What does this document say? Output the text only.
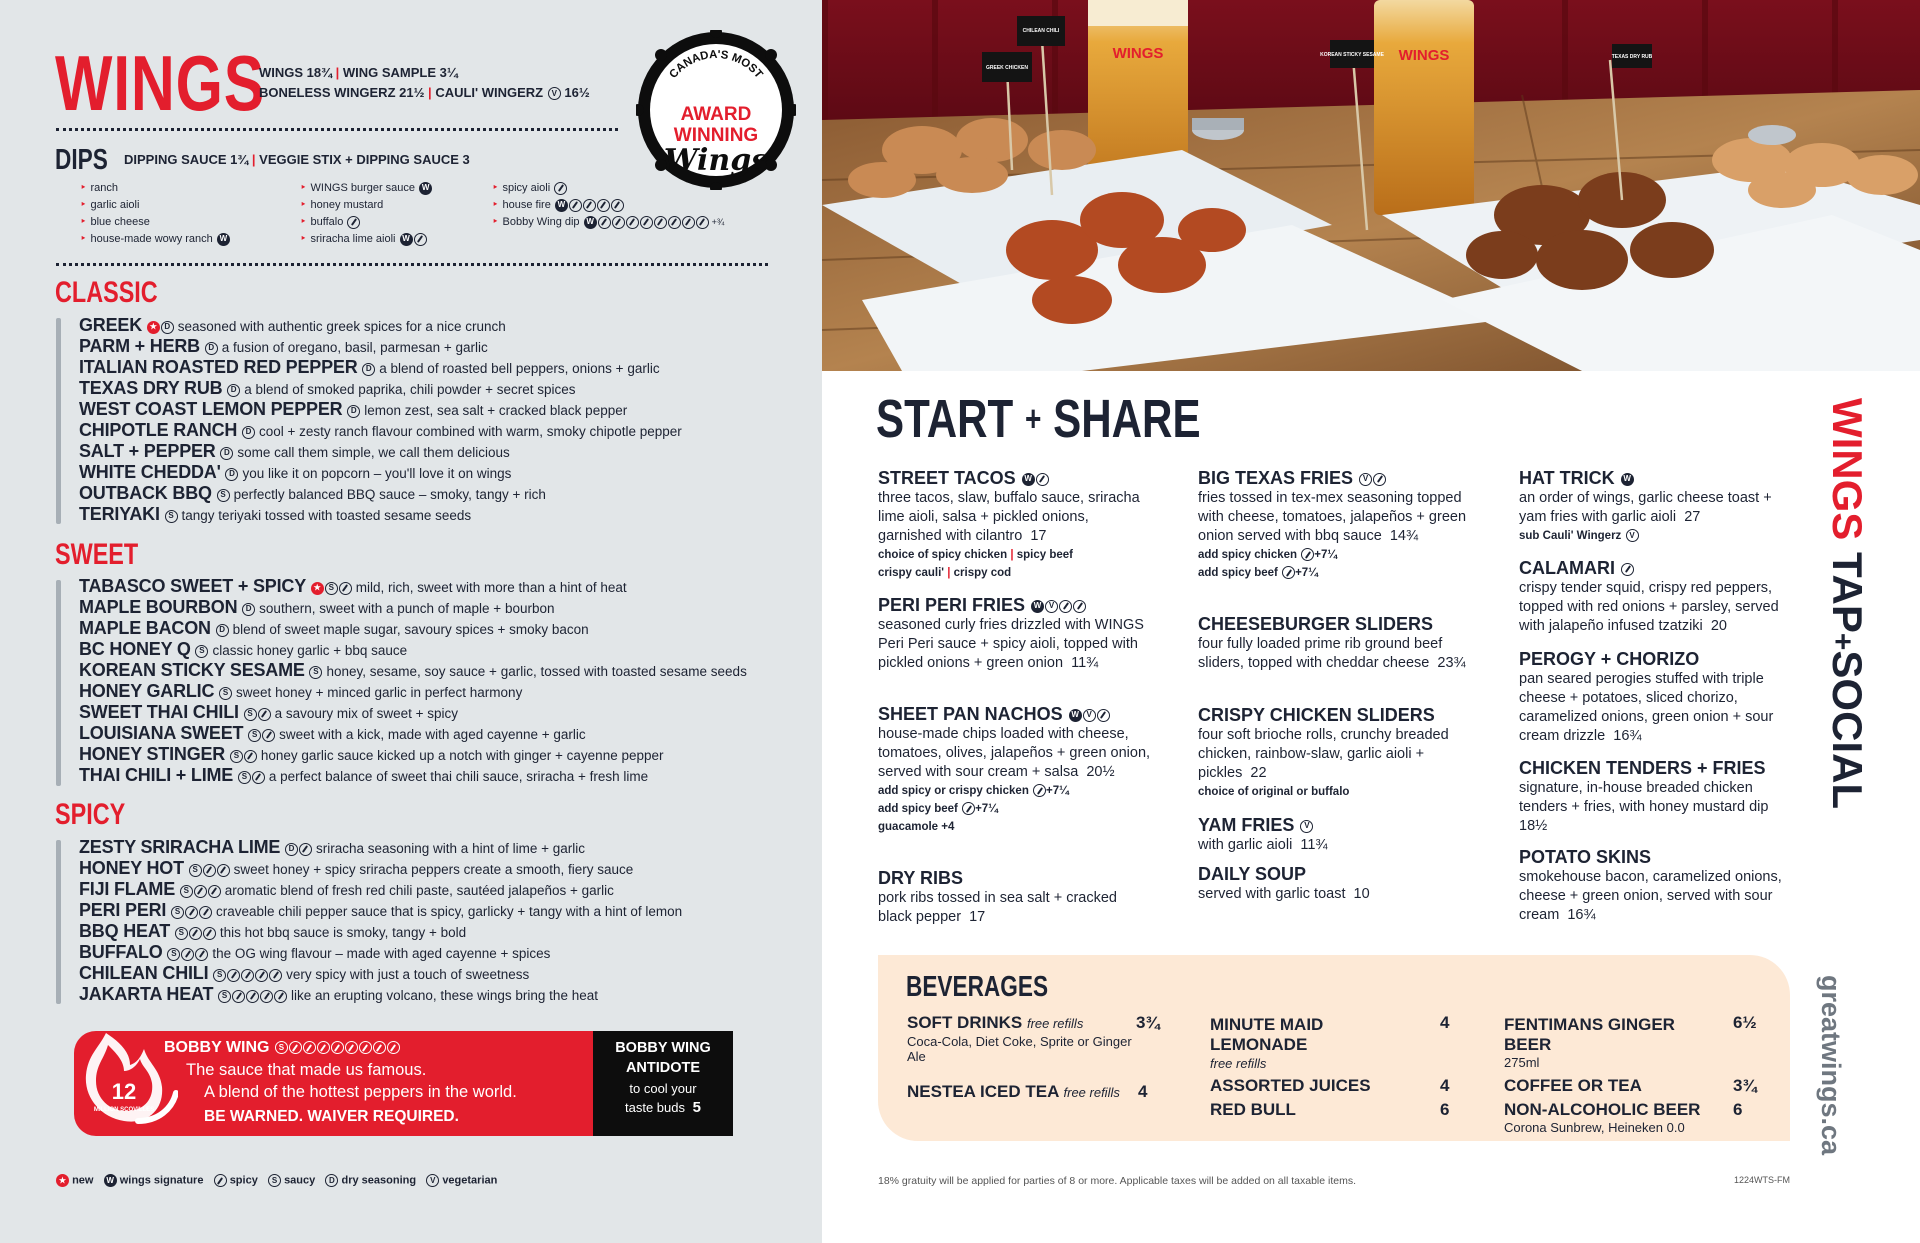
WINGS
WINGS 18¾ | WING SAMPLE 3¼
BONELESS WINGERZ 21½ | CAULI' WINGERZ V 16½
CANADA'S MOST
AWARD
WINNING
Wings
DIPS	DIPPING SAUCE 1¾ | VEGGIE STIX + DIPPING SAUCE 3
‣ ranch
‣ garlic aioli
‣ blue cheese
‣ house-made wowy ranch W
‣ WINGS burger sauce W
‣ honey mustard
‣ buffalo
‣ sriracha lime aioli W
‣ spicy aioli
‣ house fire W
‣ Bobby Wing dip W	+¾
CLASSIC
GREEK ★ D seasoned with authentic greek spices for a nice crunch
PARM + HERB D a fusion of oregano, basil, parmesan + garlic
ITALIAN ROASTED RED PEPPER D a blend of roasted bell peppers, onions + garlic
TEXAS DRY RUB D a blend of smoked paprika, chili powder + secret spices
WEST COAST LEMON PEPPER D lemon zest, sea salt + cracked black pepper
CHIPOTLE RANCH D cool + zesty ranch flavour combined with warm, smoky chipotle pepper
SALT + PEPPER D some call them simple, we call them delicious
WHITE CHEDDA' D you like it on popcorn – you'll love it on wings
OUTBACK BBQ S perfectly balanced BBQ sauce – smoky, tangy + rich
TERIYAKI S tangy teriyaki tossed with toasted sesame seeds
SWEET
TABASCO SWEET + SPICY ★ S mild, rich, sweet with more than a hint of heat
MAPLE BOURBON D southern, sweet with a punch of maple + bourbon
MAPLE BACON D blend of sweet maple sugar, savoury spices + smoky bacon
BC HONEY Q S classic honey garlic + bbq sauce
KOREAN STICKY SESAME S honey, sesame, soy sauce + garlic, tossed with toasted sesame seeds
HONEY GARLIC S sweet honey + minced garlic in perfect harmony
SWEET THAI CHILI S a savoury mix of sweet + spicy
LOUISIANA SWEET S sweet with a kick, made with aged cayenne + garlic
HONEY STINGER S honey garlic sauce kicked up a notch with ginger + cayenne pepper
THAI CHILI + LIME S a perfect balance of sweet thai chili sauce, sriracha + fresh lime
SPICY
ZESTY SRIRACHA LIME D sriracha seasoning with a hint of lime + garlic
HONEY HOT S	sweet honey + spicy sriracha peppers create a smooth, fiery sauce
FIJI FLAME S	aromatic blend of fresh red chili paste, sautéed jalapeños + garlic
PERI PERI S	craveable chili pepper sauce that is spicy, garlicky + tangy with a hint of lemon
BBQ HEAT S	this hot bbq sauce is smoky, tangy + bold
BUFFALO S	the OG wing flavour – made with aged cayenne + spices
CHILEAN CHILI S	very spicy with just a touch of sweetness
JAKARTA HEAT S	like an erupting volcano, these wings bring the heat
12
MILLION SCOVILLES
BOBBY WING S
The sauce that made us famous.
A blend of the hottest peppers in the world.
BE WARNED. WAIVER REQUIRED.
BOBBY WING
ANTIDOTE
to cool your
taste buds 5
★ new W wings signature spicy S saucy D dry seasoning V vegetarian
WINGS	WINGS
CHILEAN CHILI
GREEK CHICKEN
KOREAN STICKY SESAME	TEXAS DRY RUB
START + SHARE
STREET TACOS W
three tacos, slaw, buffalo sauce, sriracha lime aioli, salsa + pickled onions, garnished with cilantro 17
choice of spicy chicken | spicy beef
crispy cauli' | crispy cod
PERI PERI FRIES W V
seasoned curly fries drizzled with WINGS Peri Peri sauce + spicy aioli, topped with pickled onions + green onion 11¾
SHEET PAN NACHOS W V
house-made chips loaded with cheese, tomatoes, olives, jalapeños + green onion, served with sour cream + salsa 20½
add spicy or crispy chicken +7¼
add spicy beef +7¼
guacamole +4
DRY RIBS
pork ribs tossed in sea salt + cracked black pepper 17
BIG TEXAS FRIES V
fries tossed in tex-mex seasoning topped with cheese, tomatoes, jalapeños + green onion served with bbq sauce 14¾
add spicy chicken +7¼
add spicy beef +7¼
CHEESEBURGER SLIDERS
four fully loaded prime rib ground beef sliders, topped with cheddar cheese 23¾
CRISPY CHICKEN SLIDERS
four soft brioche rolls, crunchy breaded chicken, rainbow-slaw, garlic aioli + pickles 22
choice of original or buffalo
YAM FRIES V
with garlic aioli 11¾
DAILY SOUP
served with garlic toast 10
HAT TRICK W
an order of wings, garlic cheese toast + yam fries with garlic aioli 27
sub Cauli' Wingerz V
CALAMARI
crispy tender squid, crispy red peppers, topped with red onions + parsley, served with jalapeño infused tzatziki 20
PEROGY + CHORIZO
pan seared perogies stuffed with triple cheese + potatoes, sliced chorizo, caramelized onions, green onion + sour cream drizzle 16¾
CHICKEN TENDERS + FRIES
signature, in-house breaded chicken tenders + fries, with honey mustard dip  18½
POTATO SKINS
smokehouse bacon, caramelized onions, cheese + green onion, served with sour cream 16¾
BEVERAGES
SOFT DRINKS free refills
Coca-Cola, Diet Coke, Sprite or Ginger Ale
3¾
NESTEA ICED TEA free refills	4
MINUTE MAID LEMONADE
free refills
4
ASSORTED JUICES	4
RED BULL	6
FENTIMANS GINGER BEER
275ml
6½
COFFEE OR TEA	3¾
NON-ALCOHOLIC BEER
Corona Sunbrew, Heineken 0.0
6
WINGS TAP+SOCIAL
greatwings.ca
18% gratuity will be applied for parties of 8 or more. Applicable taxes will be added on all taxable items.	1224WTS-FM
